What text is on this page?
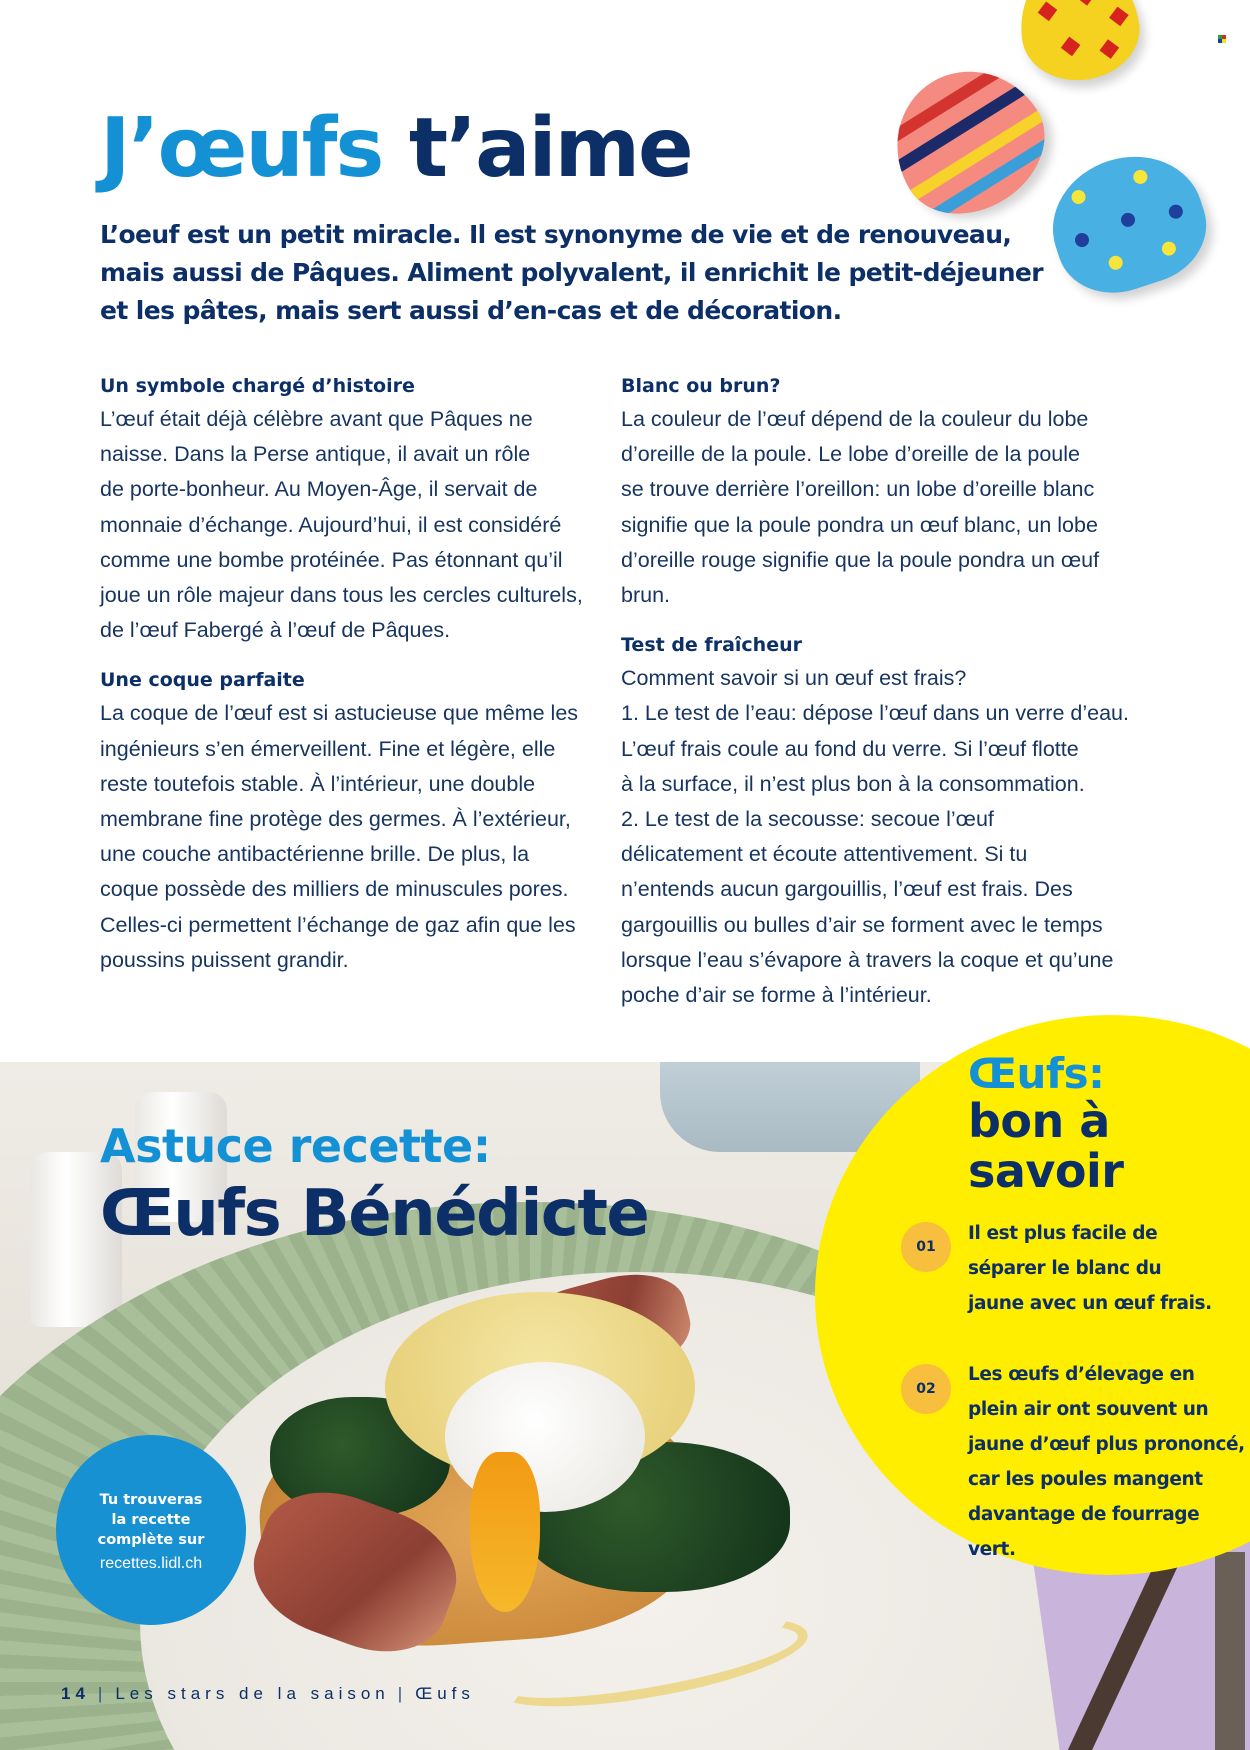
J’œufs t’aime
L’oeuf est un petit miracle. Il est synonyme de vie et de renouveau,
mais aussi de Pâques. Aliment polyvalent, il enrichit le petit-déjeuner
et les pâtes, mais sert aussi d’en-cas et de décoration.
Un symbole chargé d’histoire

L’œuf était déjà célèbre avant que Pâques ne
naisse. Dans la Perse antique, il avait un rôle
de porte-bonheur. Au Moyen-Âge, il servait de
monnaie d’échange. Aujourd’hui, il est considéré
comme une bombe protéinée. Pas étonnant qu’il
joue un rôle majeur dans tous les cercles culturels,
de l’œuf Fabergé à l’œuf de Pâques.

Une coque parfaite

La coque de l’œuf est si astucieuse que même les
ingénieurs s’en émerveillent. Fine et légère, elle
reste toutefois stable. À l’intérieur, une double
membrane fine protège des germes. À l’extérieur,
une couche antibactérienne brille. De plus, la
coque possède des milliers de minuscules pores.
Celles-ci permettent l’échange de gaz afin que les
poussins puissent grandir.

Blanc ou brun?

La couleur de l’œuf dépend de la couleur du lobe
d’oreille de la poule. Le lobe d’oreille de la poule
se trouve derrière l’oreillon: un lobe d’oreille blanc
signifie que la poule pondra un œuf blanc, un lobe
d’oreille rouge signifie que la poule pondra un œuf
brun.

Test de fraîcheur

Comment savoir si un œuf est frais?
1. Le test de l’eau: dépose l’œuf dans un verre d’eau.
L’œuf frais coule au fond du verre. Si l’œuf flotte
à la surface, il n’est plus bon à la consommation.
2. Le test de la secousse: secoue l’œuf
délicatement et écoute attentivement. Si tu
n’entends aucun gargouillis, l’œuf est frais. Des
gargouillis ou bulles d’air se forment avec le temps
lorsque l’eau s’évapore à travers la coque et qu’une
poche d’air se forme à l’intérieur.

Astuce recette:
Œufs Bénédicte
Tu trouveras
la recette
complète sur
recettes.lidl.ch
Œufs:
bon à
savoir
01
Il est plus facile de
séparer le blanc du
jaune avec un œuf frais.
02
Les œufs d’élevage en
plein air ont souvent un
jaune d’œuf plus prononcé,
car les poules mangent
davantage de fourrage vert.
14 | Les stars de la saison | Œufs
